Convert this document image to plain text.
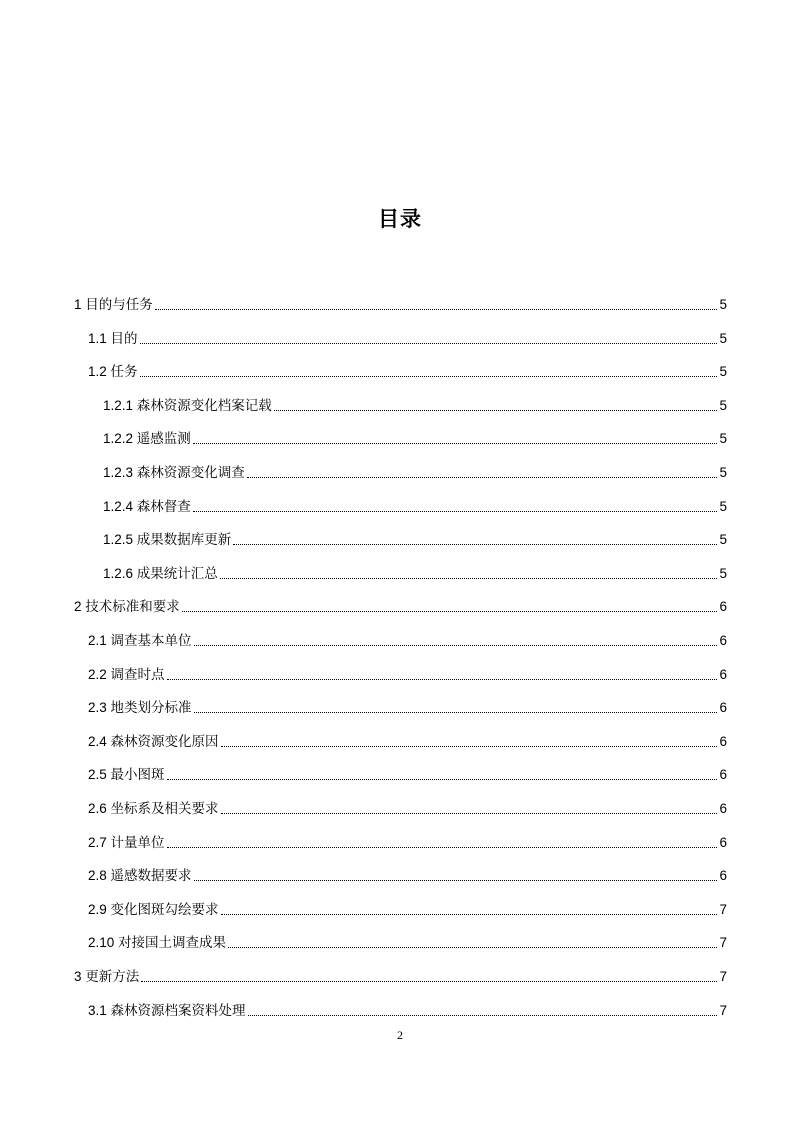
目录
1 目的与任务	5
1.1 目的	5
1.2 任务	5
1.2.1 森林资源变化档案记载	5
1.2.2 遥感监测	5
1.2.3 森林资源变化调查	5
1.2.4 森林督查	5
1.2.5 成果数据库更新	5
1.2.6 成果统计汇总	5
2 技术标准和要求	6
2.1 调查基本单位	6
2.2 调查时点	6
2.3 地类划分标准	6
2.4 森林资源变化原因	6
2.5 最小图斑	6
2.6 坐标系及相关要求	6
2.7 计量单位	6
2.8 遥感数据要求	6
2.9 变化图斑勾绘要求	7
2.10 对接国土调查成果	7
3 更新方法	7
3.1 森林资源档案资料处理	7
2
